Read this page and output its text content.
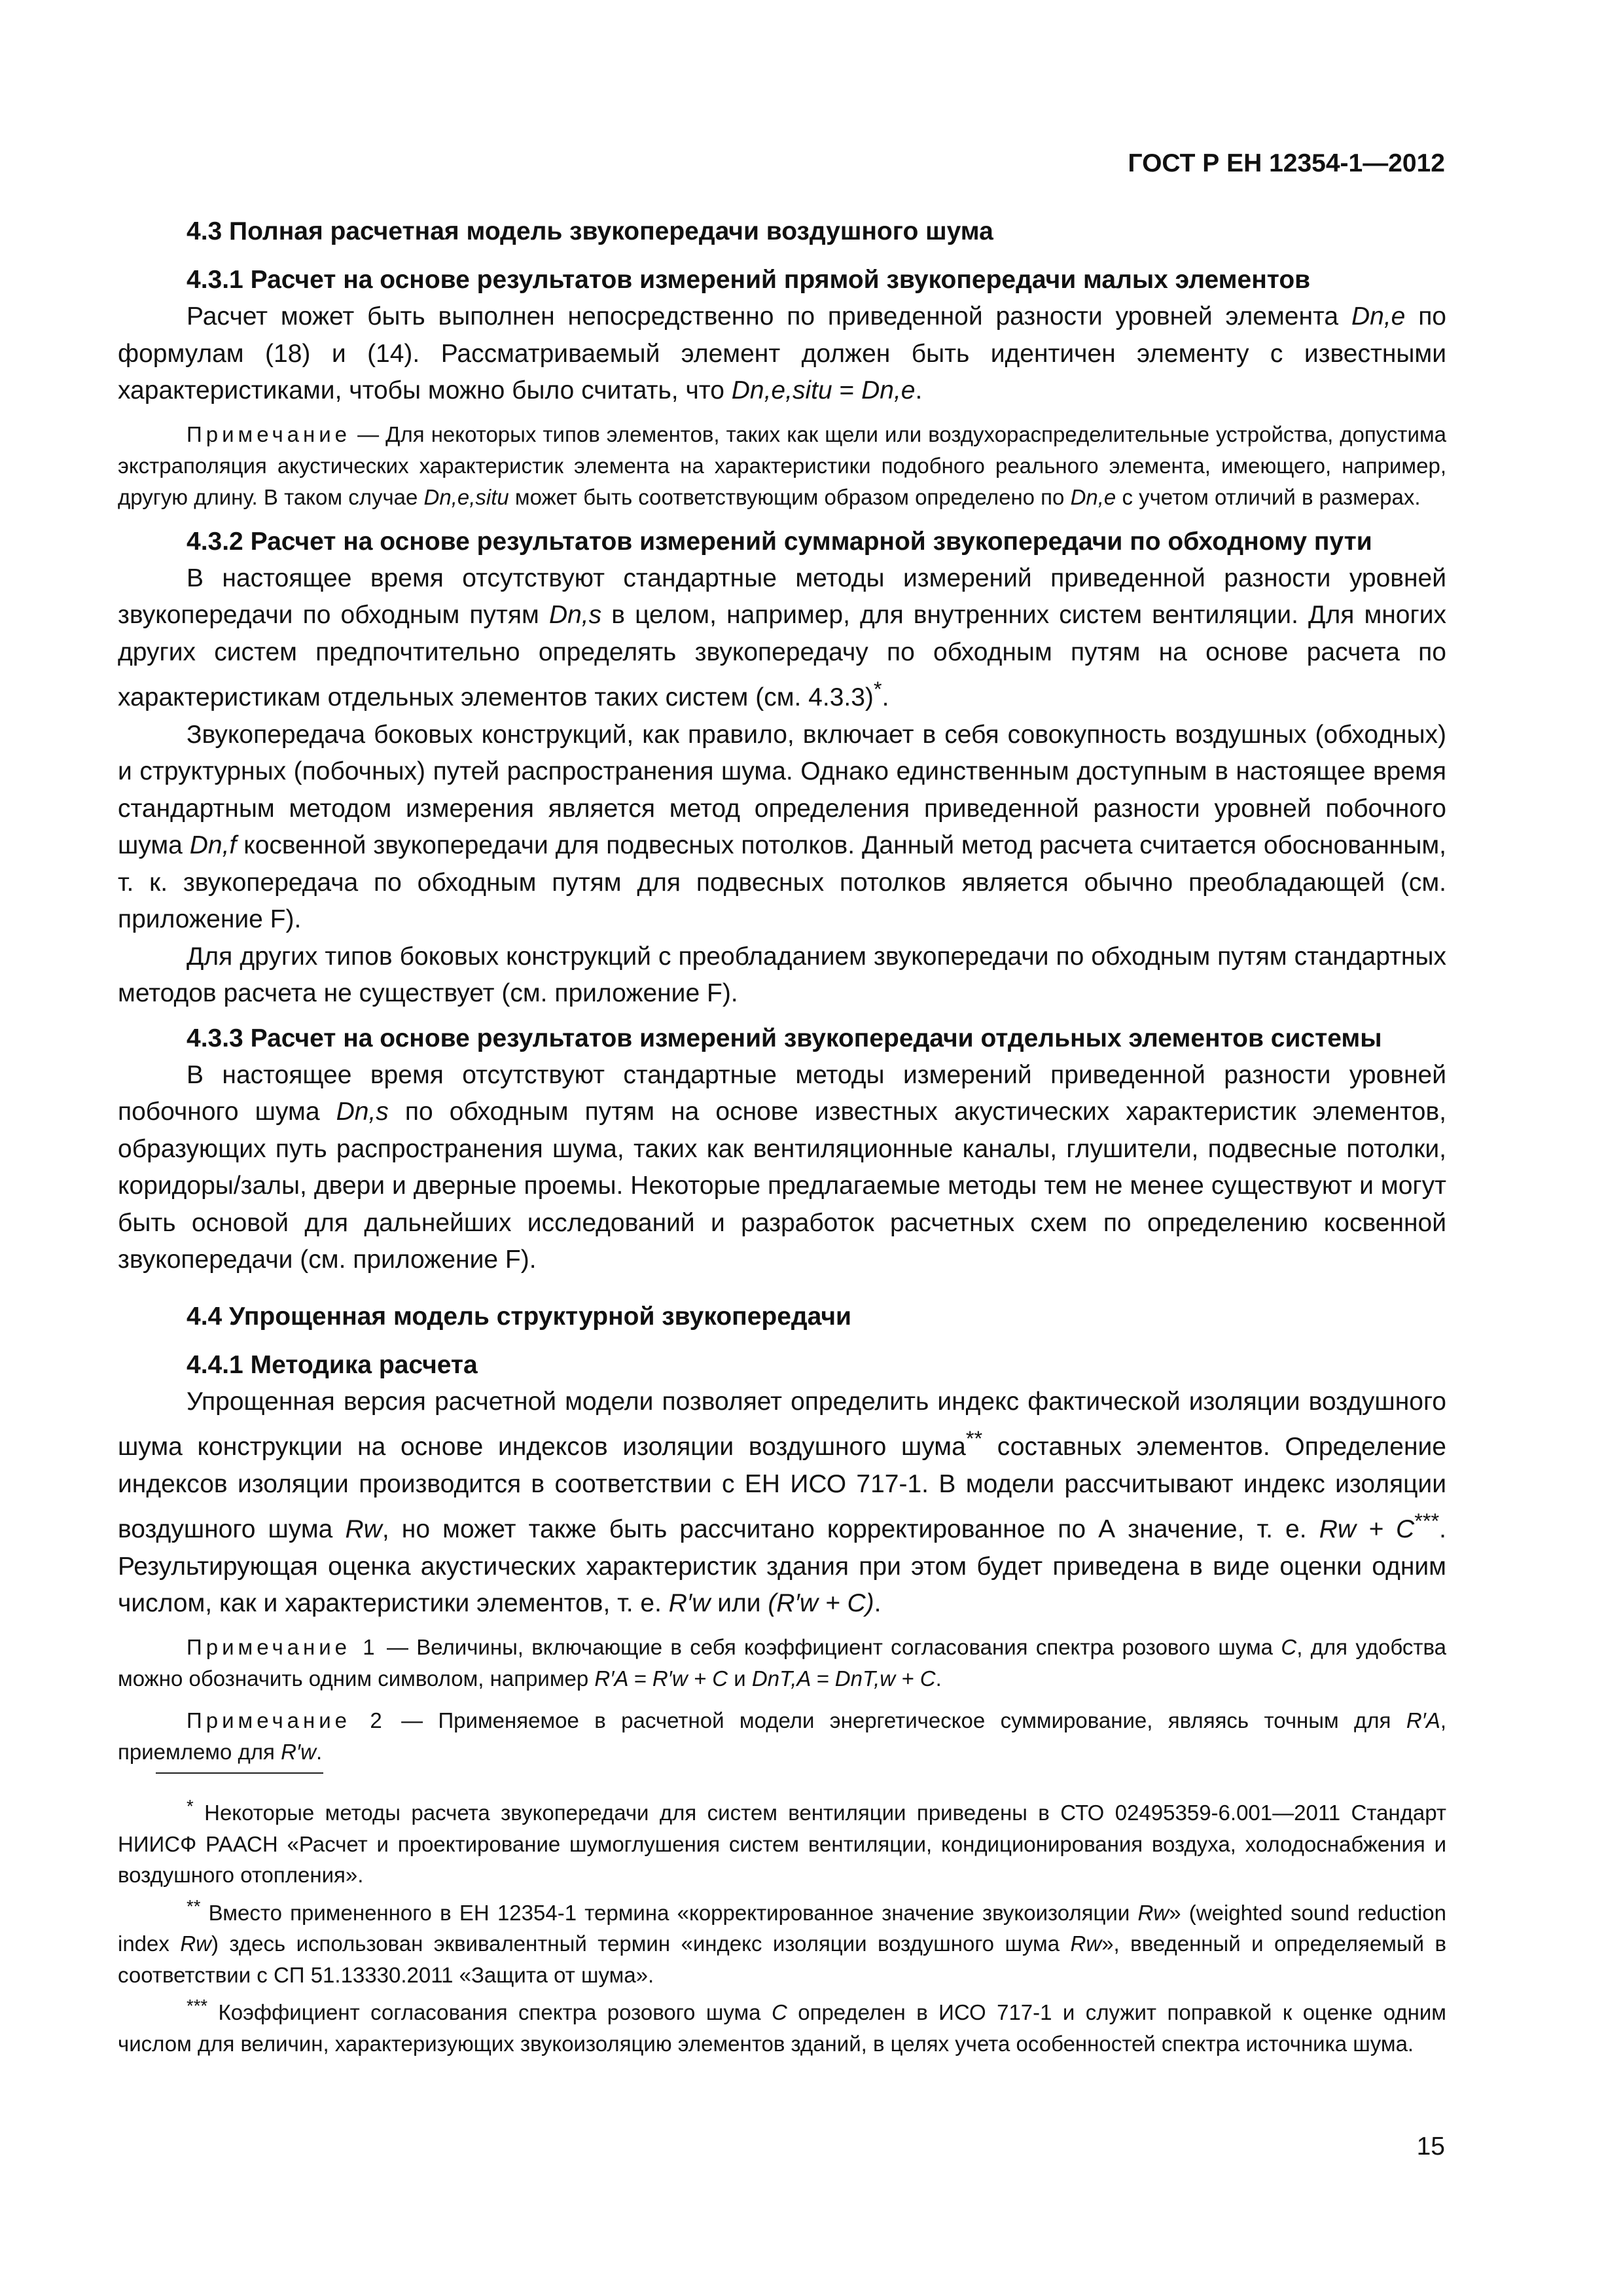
ГОСТ Р ЕН 12354-1—2012
4.3 Полная расчетная модель звукопередачи воздушного шума
4.3.1 Расчет на основе результатов измерений прямой звукопередачи малых элементов

Расчет может быть выполнен непосредственно по приведенной разности уровней элемента Dn,e по формулам (18) и (14). Рассматриваемый элемент должен быть идентичен элементу с известными характеристиками, чтобы можно было считать, что Dn,e,situ = Dn,e.

Примечание — Для некоторых типов элементов, таких как щели или воздухораспределительные устройства, допустима экстраполяция акустических характеристик элемента на характеристики подобного реального элемента, имеющего, например, другую длину. В таком случае Dn,e,situ может быть соответствующим образом определено по Dn,e с учетом отличий в размерах.

4.3.2 Расчет на основе результатов измерений суммарной звукопередачи по обходному пути

В настоящее время отсутствуют стандартные методы измерений приведенной разности уровней звукопередачи по обходным путям Dn,s в целом, например, для внутренних систем вентиляции. Для многих других систем предпочтительно определять звукопередачу по обходным путям на основе расчета по характеристикам отдельных элементов таких систем (см. 4.3.3)*.

Звукопередача боковых конструкций, как правило, включает в себя совокупность воздушных (обходных) и структурных (побочных) путей распространения шума. Однако единственным доступным в настоящее время стандартным методом измерения является метод определения приведенной разности уровней побочного шума Dn,f косвенной звукопередачи для подвесных потолков. Данный метод расчета считается обоснованным, т. к. звукопередача по обходным путям для подвесных потолков является обычно преобладающей (см. приложение F).

Для других типов боковых конструкций с преобладанием звукопередачи по обходным путям стандартных методов расчета не существует (см. приложение F).

4.3.3 Расчет на основе результатов измерений звукопередачи отдельных элементов системы

В настоящее время отсутствуют стандартные методы измерений приведенной разности уровней побочного шума Dn,s по обходным путям на основе известных акустических характеристик элементов, образующих путь распространения шума, таких как вентиляционные каналы, глушители, подвесные потолки, коридоры/залы, двери и дверные проемы. Некоторые предлагаемые методы тем не менее существуют и могут быть основой для дальнейших исследований и разработок расчетных схем по определению косвенной звукопередачи (см. приложение F).

4.4 Упрощенная модель структурной звукопередачи
4.4.1 Методика расчета

Упрощенная версия расчетной модели позволяет определить индекс фактической изоляции воздушного шума конструкции на основе индексов изоляции воздушного шума** составных элементов. Определение индексов изоляции производится в соответствии с ЕН ИСО 717-1. В модели рассчитывают индекс изоляции воздушного шума Rw, но может также быть рассчитано корректированное по А значение, т. е. Rw + C***. Результирующая оценка акустических характеристик здания при этом будет приведена в виде оценки одним числом, как и характеристики элементов, т. е. R′w или (R′w + C).

Примечание 1 — Величины, включающие в себя коэффициент согласования спектра розового шума C, для удобства можно обозначить одним символом, например R′A = R′w + C и DnT,A = DnT,w + C.

Примечание 2 — Применяемое в расчетной модели энергетическое суммирование, являясь точным для R′A, приемлемо для R′w.

* Некоторые методы расчета звукопередачи для систем вентиляции приведены в СТО 02495359-6.001—2011 Стандарт НИИСФ РААСН «Расчет и проектирование шумоглушения систем вентиляции, кондиционирования воздуха, холодоснабжения и воздушного отопления».

** Вместо примененного в ЕН 12354-1 термина «корректированное значение звукоизоляции Rw» (weighted sound reduction index Rw) здесь использован эквивалентный термин «индекс изоляции воздушного шума Rw», введенный и определяемый в соответствии с СП 51.13330.2011 «Защита от шума».

*** Коэффициент согласования спектра розового шума C определен в ИСО 717-1 и служит поправкой к оценке одним числом для величин, характеризующих звукоизоляцию элементов зданий, в целях учета особенностей спектра источника шума.

15
